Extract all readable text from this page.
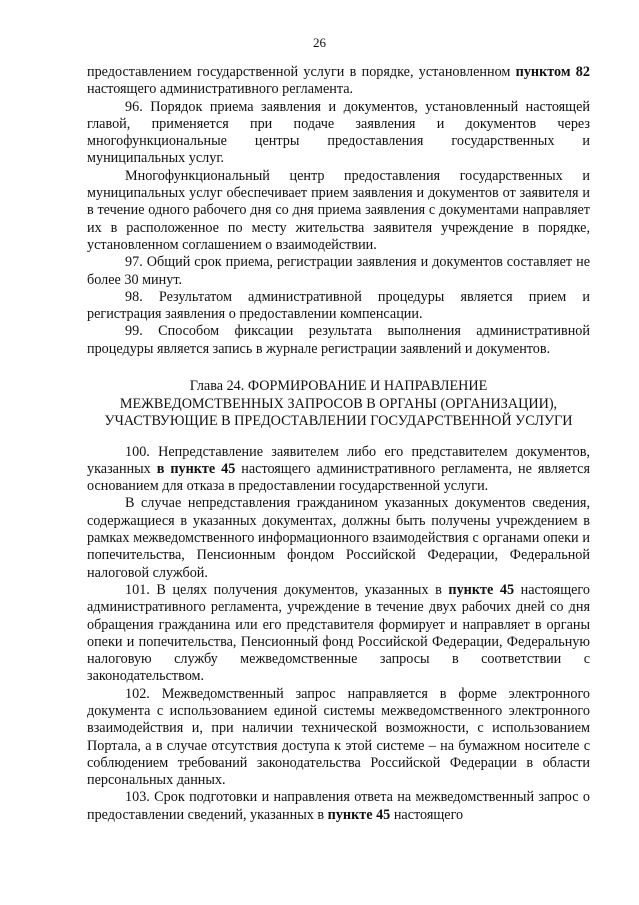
26

предоставлением государственной услуги в порядке, установленном пунктом 82 настоящего административного регламента.

96. Порядок приема заявления и документов, установленный настоящей главой, применяется при подаче заявления и документов через многофункциональные центры предоставления государственных и муниципальных услуг.

Многофункциональный центр предоставления государственных и муниципальных услуг обеспечивает прием заявления и документов от заявителя и в течение одного рабочего дня со дня приема заявления с документами направляет их в расположенное по месту жительства заявителя учреждение в порядке, установленном соглашением о взаимодействии.

97. Общий срок приема, регистрации заявления и документов составляет не более 30 минут.

98. Результатом административной процедуры является прием и регистрация заявления о предоставлении компенсации.

99. Способом фиксации результата выполнения административной процедуры является запись в журнале регистрации заявлений и документов.

Глава 24. ФОРМИРОВАНИЕ И НАПРАВЛЕНИЕ
МЕЖВЕДОМСТВЕННЫХ ЗАПРОСОВ В ОРГАНЫ (ОРГАНИЗАЦИИ),
УЧАСТВУЮЩИЕ В ПРЕДОСТАВЛЕНИИ ГОСУДАРСТВЕННОЙ УСЛУГИ

100. Непредставление заявителем либо его представителем документов, указанных в пункте 45 настоящего административного регламента, не является основанием для отказа в предоставлении государственной услуги.

В случае непредставления гражданином указанных документов сведения, содержащиеся в указанных документах, должны быть получены учреждением в рамках межведомственного информационного взаимодействия с органами опеки и попечительства, Пенсионным фондом Российской Федерации, Федеральной налоговой службой.

101. В целях получения документов, указанных в пункте 45 настоящего административного регламента, учреждение в течение двух рабочих дней со дня обращения гражданина или его представителя формирует и направляет в органы опеки и попечительства, Пенсионный фонд Российской Федерации, Федеральную налоговую службу межведомственные запросы в соответствии с законодательством.

102. Межведомственный запрос направляется в форме электронного документа с использованием единой системы межведомственного электронного взаимодействия и, при наличии технической возможности, с использованием Портала, а в случае отсутствия доступа к этой системе – на бумажном носителе с соблюдением требований законодательства Российской Федерации в области персональных данных.

103. Срок подготовки и направления ответа на межведомственный запрос о предоставлении сведений, указанных в пункте 45 настоящего
